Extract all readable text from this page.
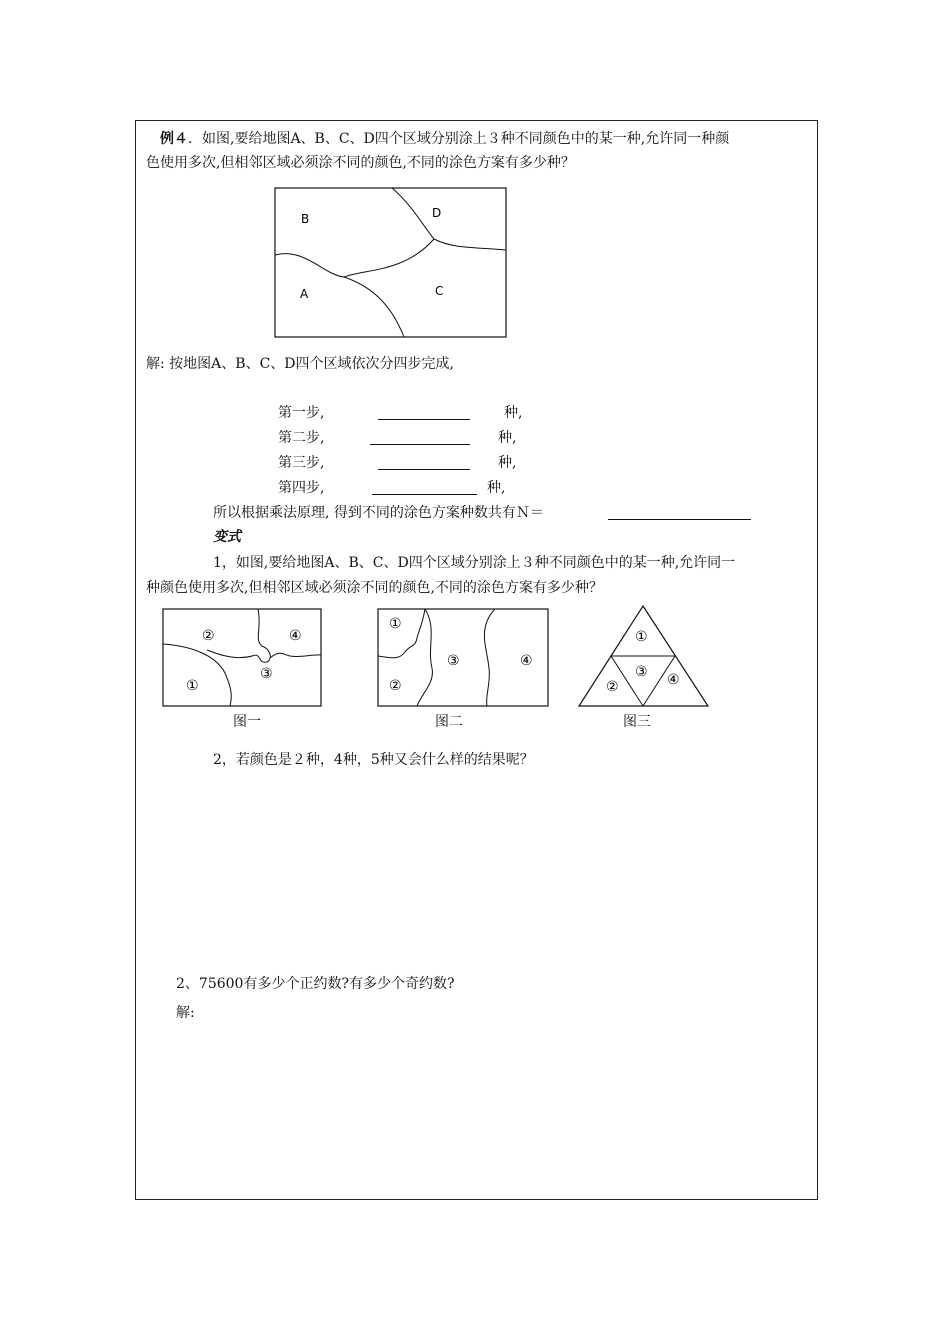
例４．如图,要给地图A、B、C、D四个区域分别涂上３种不同颜色中的某一种,允许同一种颜
色使用多次,但相邻区域必须涂不同的颜色,不同的涂色方案有多少种？
B	D
A	C
解: 按地图A、B、C、D四个区域依次分四步完成,
第一步,	种,
第二步,	种,
第三步,	种,
第四步,	种,
所以根据乘法原理, 得到不同的涂色方案种数共有Ｎ＝
变式
1，如图,要给地图A、B、C、D四个区域分别涂上３种不同颜色中的某一种,允许同一
种颜色使用多次,但相邻区域必须涂不同的颜色,不同的涂色方案有多少种？
②	④
③
①
图一
①
③	④
②
图二
①
③
②	④
图三
2，若颜色是２种，4种，5种又会什么样的结果呢？
2、75600有多少个正约数?有多少个奇约数?
解:
